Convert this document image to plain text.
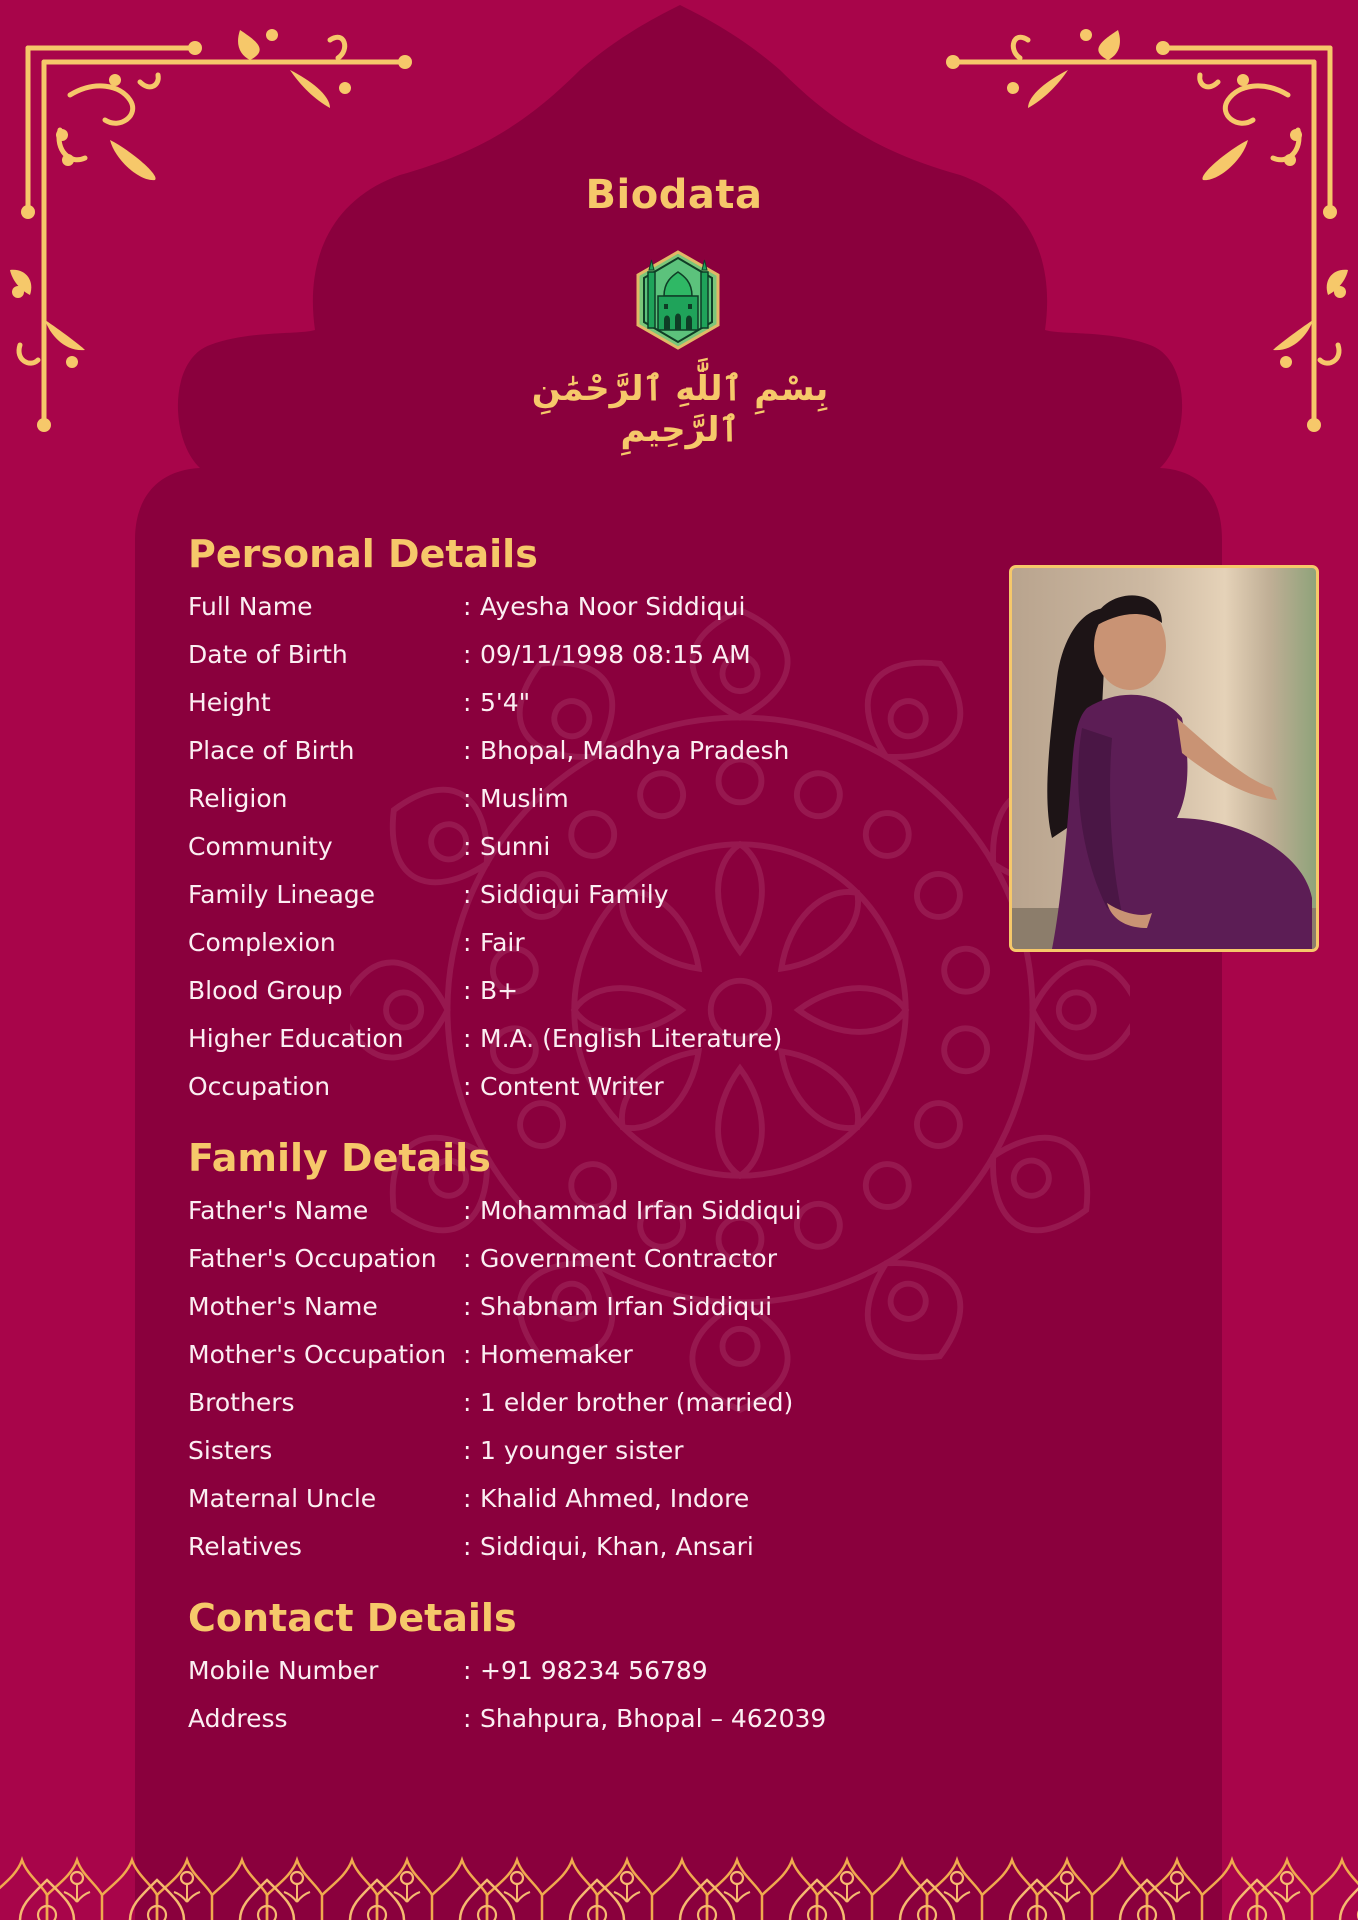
Biodata
بِسْمِ ٱللَّٰهِ ٱلرَّحْمَٰنِ ٱلرَّحِيمِ
Personal Details
Full Name	: Ayesha Noor Siddiqui
Date of Birth	: 09/11/1998 08:15 AM
Height	: 5'4"
Place of Birth	: Bhopal, Madhya Pradesh
Religion	: Muslim
Community	: Sunni
Family Lineage	: Siddiqui Family
Complexion	: Fair
Blood Group	: B+
Higher Education	: M.A. (English Literature)
Occupation	: Content Writer
Family Details
Father's Name	: Mohammad Irfan Siddiqui
Father's Occupation	: Government Contractor
Mother's Name	: Shabnam Irfan Siddiqui
Mother's Occupation : Homemaker
Brothers	: 1 elder brother (married)
Sisters	: 1 younger sister
Maternal Uncle	: Khalid Ahmed, Indore
Relatives	: Siddiqui, Khan, Ansari
Contact Details
Mobile Number	: +91 98234 56789
Address	: Shahpura, Bhopal – 462039
